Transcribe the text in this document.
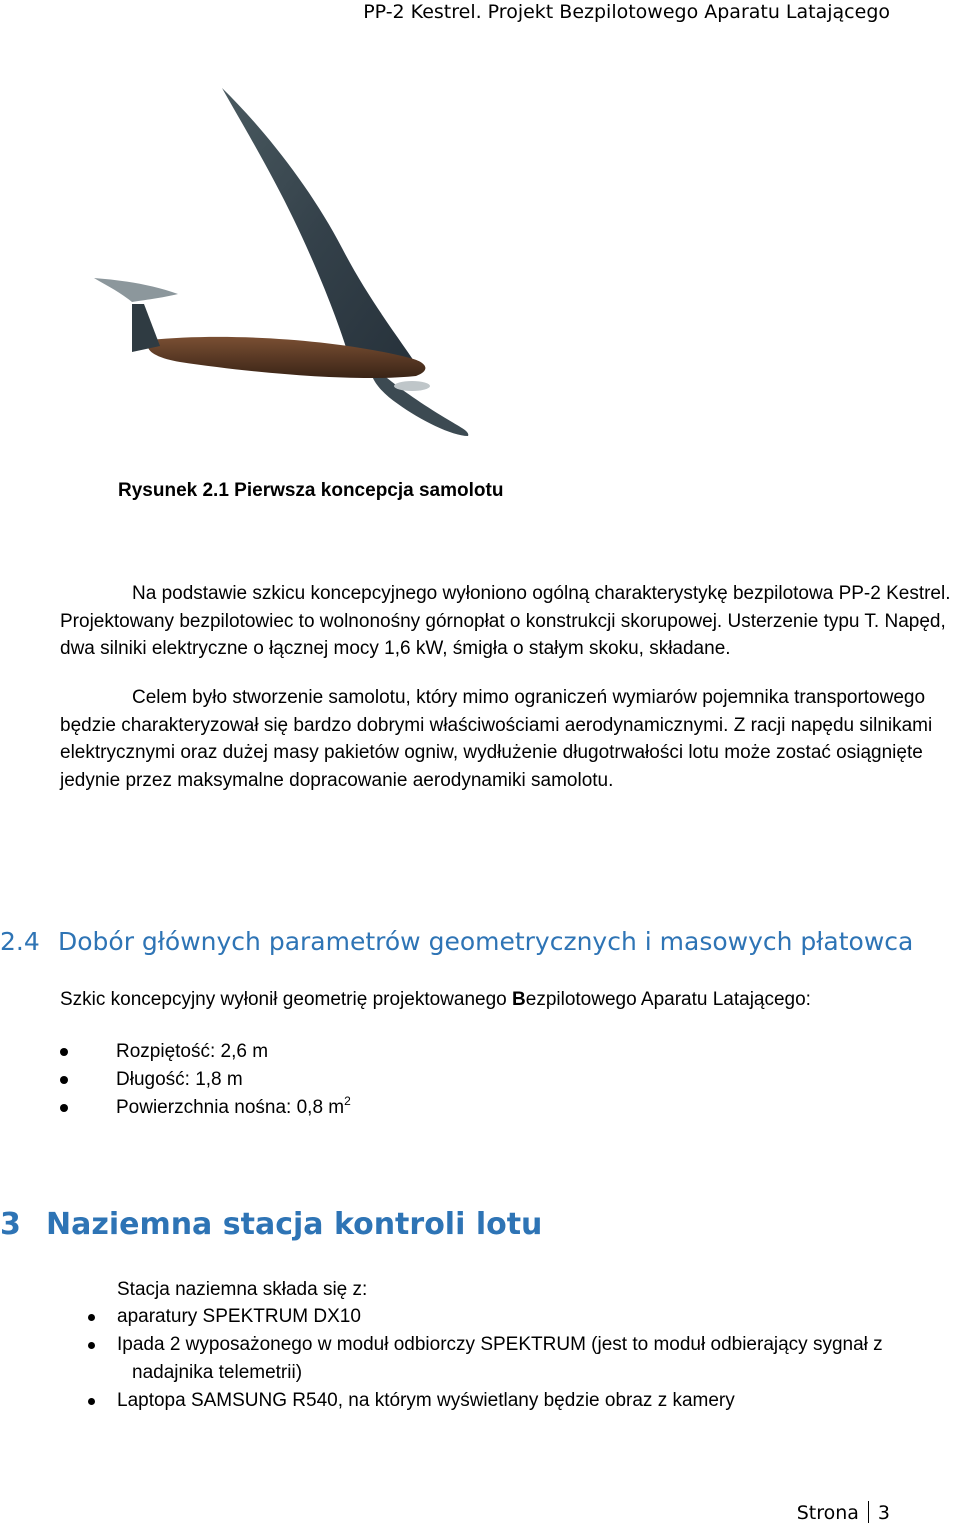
PP-2 Kestrel. Projekt Bezpilotowego Aparatu Latającego
Rysunek 2.1 Pierwsza koncepcja samolotu
Na podstawie szkicu koncepcyjnego wyłoniono ogólną charakterystykę bezpilotowa PP-2 Kestrel. Projektowany bezpilotowiec to wolnonośny górnopłat o konstrukcji skorupowej. Usterzenie typu T. Napęd, dwa silniki elektryczne o łącznej mocy 1,6 kW, śmigła o stałym skoku, składane.
Celem było stworzenie samolotu, który mimo ograniczeń wymiarów pojemnika transportowego będzie charakteryzował się bardzo dobrymi właściwościami aerodynamicznymi. Z racji napędu silnikami elektrycznymi oraz dużej masy pakietów ogniw, wydłużenie długotrwałości lotu może zostać osiągnięte jedynie przez maksymalne dopracowanie aerodynamiki samolotu.
2.4 Dobór głównych parametrów geometrycznych i masowych płatowca
Szkic koncepcyjny wyłonił geometrię projektowanego Bezpilotowego Aparatu Latającego:
Rozpiętość: 2,6 m
Długość: 1,8 m
Powierzchnia nośna: 0,8 $m^2$
3 Naziemna stacja kontroli lotu
Stacja naziemna składa się z:
aparatury SPEKTRUM DX10
Ipada 2 wyposażonego w moduł odbiorczy SPEKTRUM (jest to moduł odbierający sygnał z
nadajnika telemetrii)
Laptopa SAMSUNG R540, na którym wyświetlany będzie obraz z kamery
Strona 3
